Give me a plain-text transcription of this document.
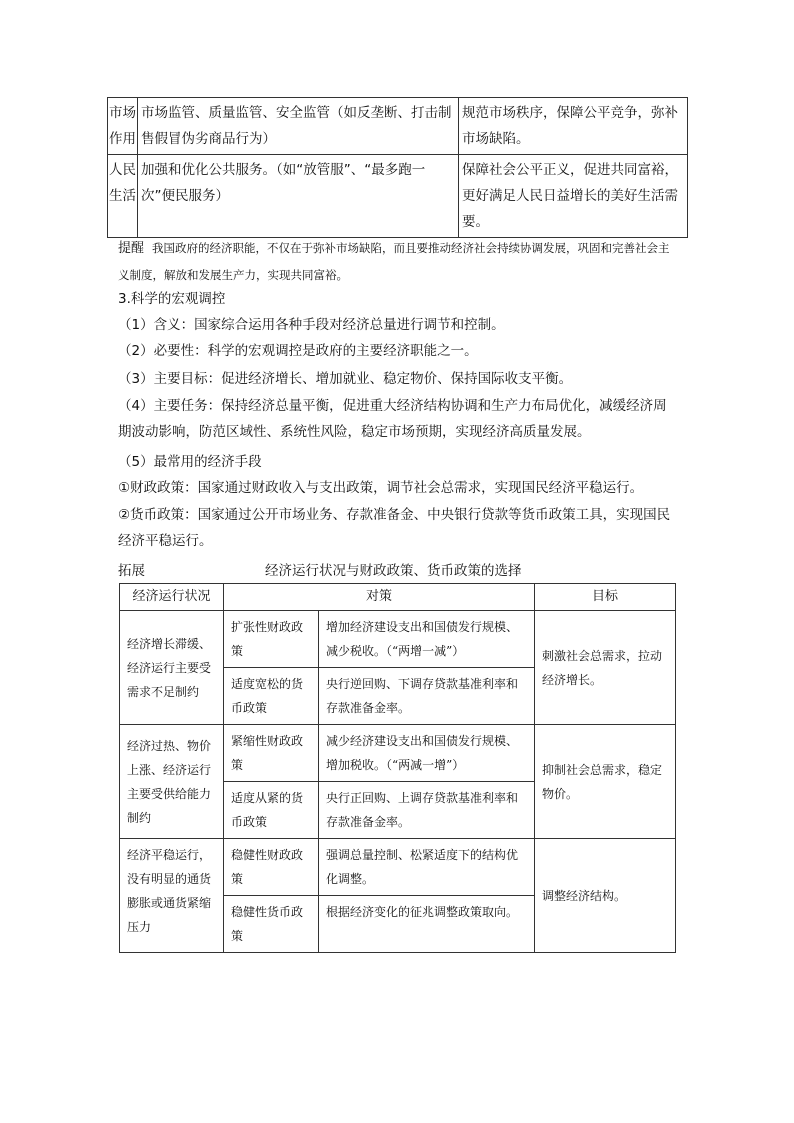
市场作用	市场监管、质量监管、安全监管（如反垄断、打击制售假冒伪劣商品行为）	规范市场秩序，保障公平竞争，弥补市场缺陷。
人民生活	加强和优化公共服务。（如“放管服”、“最多跑一次”便民服务）	保障社会公平正义，促进共同富裕，更好满足人民日益增长的美好生活需要。
提醒 我国政府的经济职能，不仅在于弥补市场缺陷，而且要推动经济社会持续协调发展，巩固和完善社会主义制度，解放和发展生产力，实现共同富裕。
3.科学的宏观调控
（1）含义：国家综合运用各种手段对经济总量进行调节和控制。
（2）必要性：科学的宏观调控是政府的主要经济职能之一。
（3）主要目标：促进经济增长、增加就业、稳定物价、保持国际收支平衡。
（4）主要任务：保持经济总量平衡，促进重大经济结构协调和生产力布局优化，减缓经济周期波动影响，防范区域性、系统性风险，稳定市场预期，实现经济高质量发展。
（5）最常用的经济手段
①财政政策：国家通过财政收入与支出政策，调节社会总需求，实现国民经济平稳运行。
②货币政策：国家通过公开市场业务、存款准备金、中央银行贷款等货币政策工具，实现国民经济平稳运行。
拓展	经济运行状况与财政政策、货币政策的选择
经济运行状况	对策		目标
经济增长滞缓、经济运行主要受需求不足制约	扩张性财政政策	增加经济建设支出和国债发行规模、减少税收。（“两增一减”）	刺激社会总需求，拉动经济增长。
	适度宽松的货币政策	央行逆回购、下调存贷款基准利率和存款准备金率。	
经济过热、物价上涨、经济运行主要受供给能力制约	紧缩性财政政策	减少经济建设支出和国债发行规模、增加税收。（“两减一增”）	抑制社会总需求，稳定物价。
	适度从紧的货币政策	央行正回购、上调存贷款基准利率和存款准备金率。	
经济平稳运行，没有明显的通货膨胀或通货紧缩压力	稳健性财政政策	强调总量控制、松紧适度下的结构优化调整。	调整经济结构。
	稳健性货币政策	根据经济变化的征兆调整政策取向。	
